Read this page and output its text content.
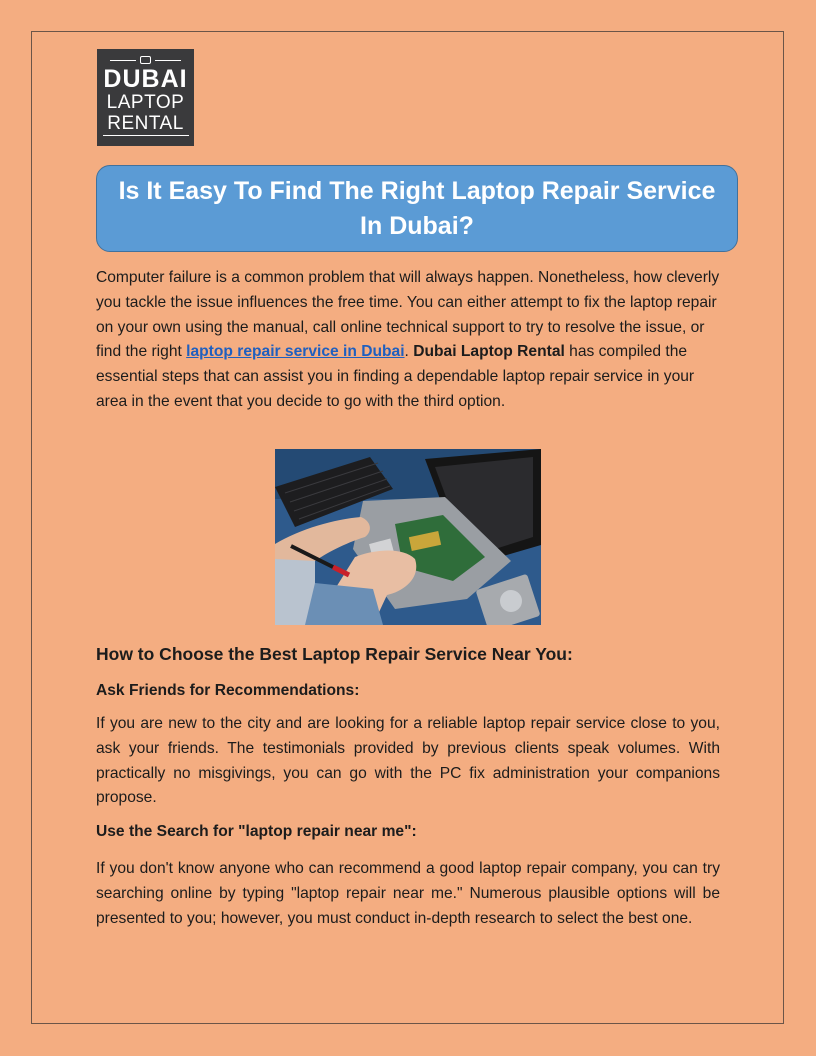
DUBAI
LAPTOP
RENTAL
Is It Easy To Find The Right Laptop Repair Service In Dubai?

Computer failure is a common problem that will always happen. Nonetheless, how cleverly you tackle the issue influences the free time. You can either attempt to fix the laptop repair on your own using the manual, call online technical support to try to resolve the issue, or find the right laptop repair service in Dubai. Dubai Laptop Rental has compiled the essential steps that can assist you in finding a dependable laptop repair service in your area in the event that you decide to go with the third option.

How to Choose the Best Laptop Repair Service Near You:
Ask Friends for Recommendations:

If you are new to the city and are looking for a reliable laptop repair service close to you, ask your friends. The testimonials provided by previous clients speak volumes. With practically no misgivings, you can go with the PC fix administration your companions propose.

Use the Search for "laptop repair near me":

If you don't know anyone who can recommend a good laptop repair company, you can try searching online by typing "laptop repair near me." Numerous plausible options will be presented to you; however, you must conduct in-depth research to select the best one.
